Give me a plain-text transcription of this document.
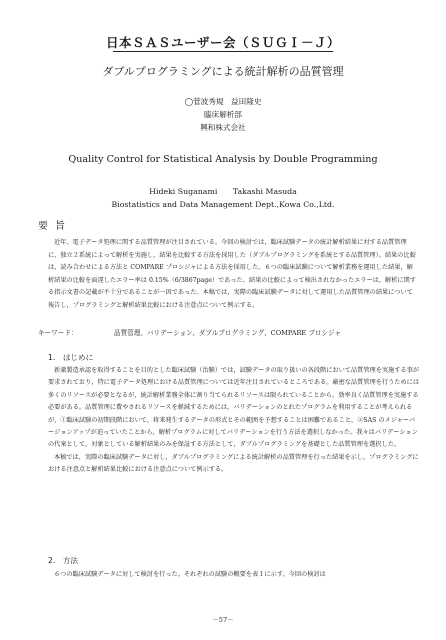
日本ＳＡＳユーザー会（ＳＵＧＩ－Ｊ）
ダブルプログラミングによる統計解析の品質管理
◯菅波秀規　益田隆史
臨床解析部
興和株式会社
Quality Control for Statistical Analysis by Double Programming
Hideki Suganami　　Takashi Masuda
Biostatistics and Data Management Dept.,Kowa Co.,Ltd.
要 旨

近年、電子データ処理に関する品質管理が注目されている。今回の検討では，臨床試験データの統計解析結果に対する品質管理に，独立２系統によって解析を実施し，結果を比較する方法を採用した（ダブルプログラミングを系統とする品質管理）。結果の比較は，読み合わせによる方法と COMPARE プロシジャによる方法を採用した。６つの臨床試験について解析業務を運用した結果，解析結果の比較を面違したエラー率は 0.15%（6/3867page）であった。結果の比較によって検出されなかったエラーは，解析に関する指示文書の記載が不十分であることが一因であった。本稿では，実際の臨床試験データに対して運用した品質管理の結果について報告し，プログラミングと解析結果比較における注意点について例示する。

キーワード：	品質管理、バリデーション、ダブルプログラミング、COMPARE プロシジャ
1.　はじめに

新薬製造承認を取得することを目的とした臨床試験（治験）では，試験データの取り扱いの各段階において品質管理を実施する事が要求されており，特に電子データ処理における品質管理については近年注目されているところである。厳密な品質管理を行うためには多くのリソースが必要となるが，統計解析業務全体に割り当てられるリソースは限られていることから，効率良く品質管理を実施する必要がある。品質管理に費やされるリソースを軽減するためには，バリデーションのとれたプログラムを利用することが考えられるが，①臨床試験の初期段階において，将来発生するデータの形式とその範囲を予想することは困難であること，②SAS のメジャーバージョンアップが迫っていたことから，解析プログラムに対してバリデーションを行う方法を選択しなかった。我々はバリデーションの代案として，対象としている解析結果のみを保証する方法として，ダブルプログラミングを基礎とした品質管理を選択した。

本稿では，実際の臨床試験データに対し，ダブルプログラミングによる統計解析の品質管理を行った結果を示し，プログラミングにおける注意点と解析結果比較における注意点について例示する。

2.　方法

６つの臨床試験データに対して検討を行った。それぞれの試験の概要を表１に示す。今回の検討は

－57－
